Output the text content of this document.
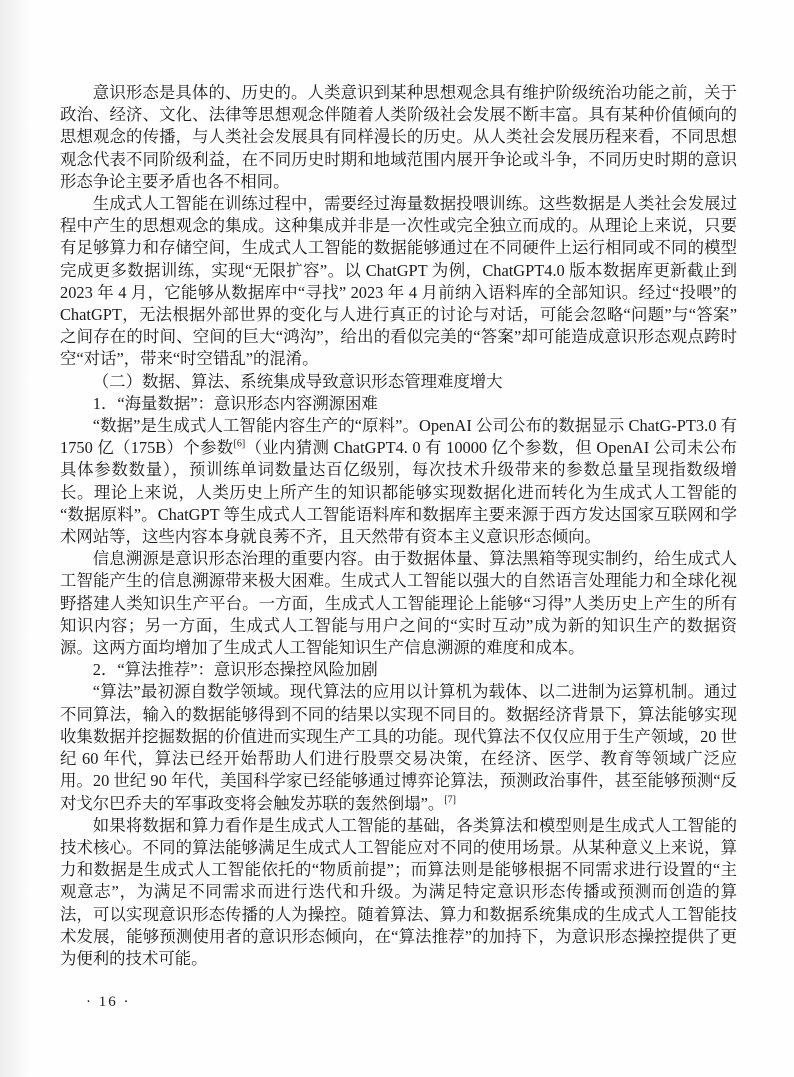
意识形态是具体的、历史的。人类意识到某种思想观念具有维护阶级统治功能之前，关于政治、经济、文化、法律等思想观念伴随着人类阶级社会发展不断丰富。具有某种价值倾向的思想观念的传播，与人类社会发展具有同样漫长的历史。从人类社会发展历程来看，不同思想观念代表不同阶级利益，在不同历史时期和地域范围内展开争论或斗争，不同历史时期的意识形态争论主要矛盾也各不相同。

生成式人工智能在训练过程中，需要经过海量数据投喂训练。这些数据是人类社会发展过程中产生的思想观念的集成。这种集成并非是一次性或完全独立而成的。从理论上来说，只要有足够算力和存储空间，生成式人工智能的数据能够通过在不同硬件上运行相同或不同的模型完成更多数据训练，实现“无限扩容”。以 ChatGPT 为例，ChatGPT4.0 版本数据库更新截止到 2023 年 4 月，它能够从数据库中“寻找” 2023 年 4 月前纳入语料库的全部知识。经过“投喂”的 ChatGPT，无法根据外部世界的变化与人进行真正的讨论与对话，可能会忽略“问题”与“答案”之间存在的时间、空间的巨大“鸿沟”，给出的看似完美的“答案”却可能造成意识形态观点跨时空“对话”，带来“时空错乱”的混淆。

（二）数据、算法、系统集成导致意识形态管理难度增大

1．“海量数据”：意识形态内容溯源困难

“数据”是生成式人工智能内容生产的“原料”。OpenAI 公司公布的数据显示 ChatG-PT3.0 有 1750 亿（175B）个参数[6]（业内猜测 ChatGPT4. 0 有 10000 亿个参数，但 OpenAI 公司未公布具体参数数量），预训练单词数量达百亿级别，每次技术升级带来的参数总量呈现指数级增长。理论上来说，人类历史上所产生的知识都能够实现数据化进而转化为生成式人工智能的“数据原料”。ChatGPT 等生成式人工智能语料库和数据库主要来源于西方发达国家互联网和学术网站等，这些内容本身就良莠不齐，且天然带有资本主义意识形态倾向。

信息溯源是意识形态治理的重要内容。由于数据体量、算法黑箱等现实制约，给生成式人工智能产生的信息溯源带来极大困难。生成式人工智能以强大的自然语言处理能力和全球化视野搭建人类知识生产平台。一方面，生成式人工智能理论上能够“习得”人类历史上产生的所有知识内容；另一方面，生成式人工智能与用户之间的“实时互动”成为新的知识生产的数据资源。这两方面均增加了生成式人工智能知识生产信息溯源的难度和成本。

2．“算法推荐”：意识形态操控风险加剧

“算法”最初源自数学领域。现代算法的应用以计算机为载体、以二进制为运算机制。通过不同算法，输入的数据能够得到不同的结果以实现不同目的。数据经济背景下，算法能够实现收集数据并挖掘数据的价值进而实现生产工具的功能。现代算法不仅仅应用于生产领域，20 世纪 60 年代，算法已经开始帮助人们进行股票交易决策，在经济、医学、教育等领域广泛应用。20 世纪 90 年代，美国科学家已经能够通过博弈论算法，预测政治事件，甚至能够预测“反对戈尔巴乔夫的军事政变将会触发苏联的轰然倒塌”。[7]

如果将数据和算力看作是生成式人工智能的基础，各类算法和模型则是生成式人工智能的技术核心。不同的算法能够满足生成式人工智能应对不同的使用场景。从某种意义上来说，算力和数据是生成式人工智能依托的“物质前提”；而算法则是能够根据不同需求进行设置的“主观意志”，为满足不同需求而进行迭代和升级。为满足特定意识形态传播或预测而创造的算法，可以实现意识形态传播的人为操控。随着算法、算力和数据系统集成的生成式人工智能技术发展，能够预测使用者的意识形态倾向，在“算法推荐”的加持下，为意识形态操控提供了更为便利的技术可能。

· 16 ·
